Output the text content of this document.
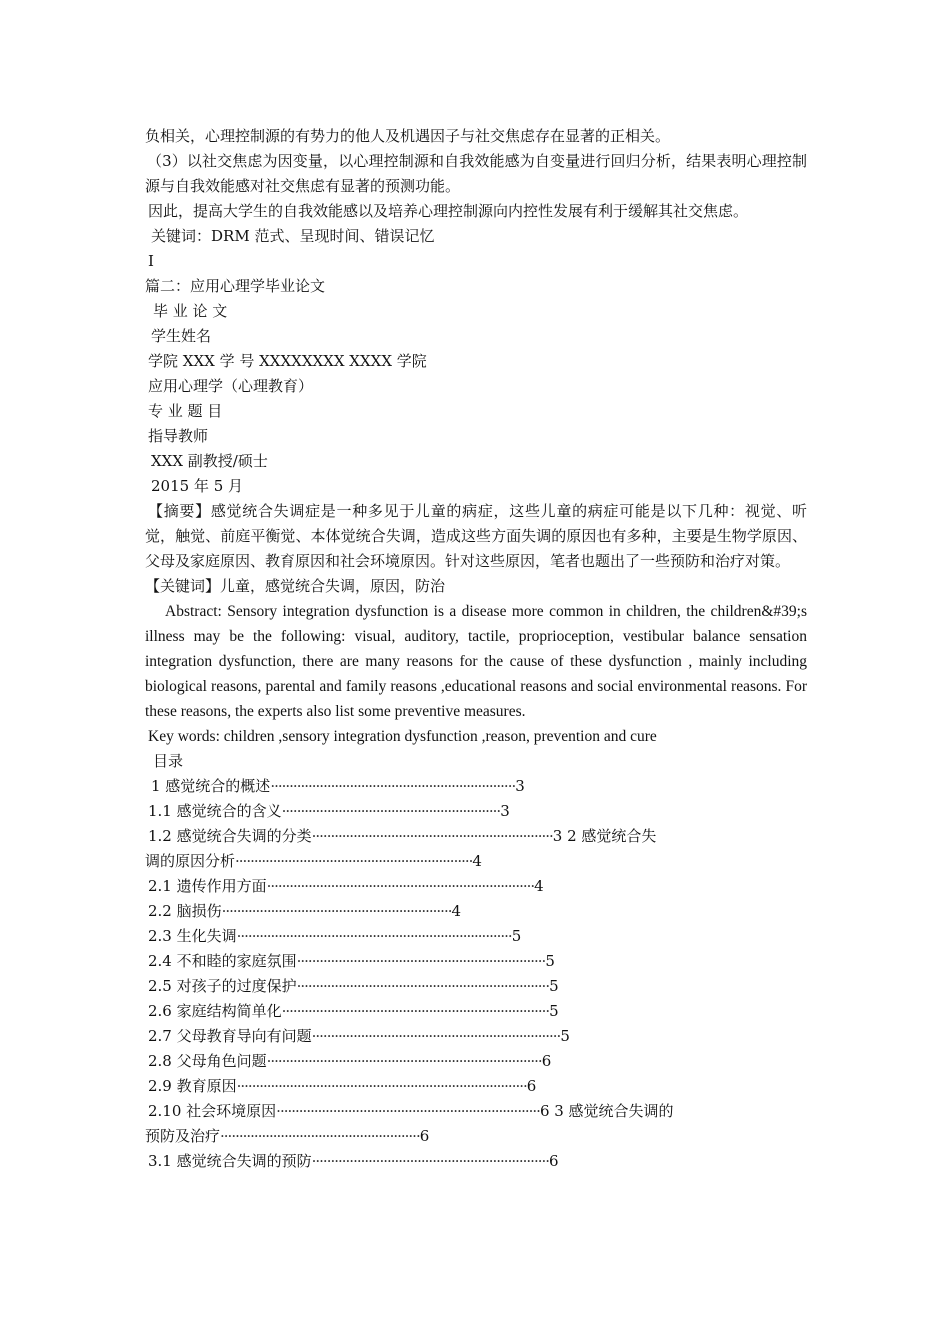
负相关，心理控制源的有势力的他人及机遇因子与社交焦虑存在显著的正相关。
（3）以社交焦虑为因变量，以心理控制源和自我效能感为自变量进行回归分析，结果表明心理控制源与自我效能感对社交焦虑有显著的预测功能。
因此，提高大学生的自我效能感以及培养心理控制源向内控性发展有利于缓解其社交焦虑。
关键词：DRM 范式、呈现时间、错误记忆
I
篇二：应用心理学毕业论文
毕 业 论 文
学生姓名
学院 XXX 学 号 XXXXXXXX XXXX 学院
应用心理学（心理教育）
专 业 题 目
指导教师
XXX 副教授/硕士
2015 年 5 月
【摘要】感觉统合失调症是一种多见于儿童的病症，这些儿童的病症可能是以下几种：视觉、听觉，触觉、前庭平衡觉、本体觉统合失调，造成这些方面失调的原因也有多种，主要是生物学原因、父母及家庭原因、教育原因和社会环境原因。针对这些原因，笔者也题出了一些预防和治疗对策。
【关键词】儿童，感觉统合失调，原因，防治
Abstract: Sensory integration dysfunction is a disease more common in children, the children&#39;s illness may be the following: visual, auditory, tactile, proprioception, vestibular balance sensation integration dysfunction, there are many reasons for the cause of these dysfunction , mainly including biological reasons, parental and family reasons ,educational reasons and social environmental reasons. For these reasons, the experts also list some preventive measures.
Key words: children ,sensory integration dysfunction ,reason, prevention and cure
目录
1 感觉统合的概述 ································································· 3
1.1 感觉统合的含义 ·························································· 3
1.2 感觉统合失调的分类 ································································ 3 2 感觉统合失
调的原因分析 ······························································· 4
2.1 遗传作用方面 ······································································· 4
2.2 脑损伤 ····························································· 4
2.3 生化失调 ········································································· 5
2.4 不和睦的家庭氛围 ·································································· 5
2.5 对孩子的过度保护 ··································································· 5
2.6 家庭结构简单化 ······································································· 5
2.7 父母教育导向有问题 ·································································· 5
2.8 父母角色问题 ········································································· 6
2.9 教育原因 ············································································· 6
2.10 社会环境原因 ······································································ 6 3 感觉统合失调的
预防及治疗 ····················································· 6
3.1 感觉统合失调的预防 ······························································· 6
